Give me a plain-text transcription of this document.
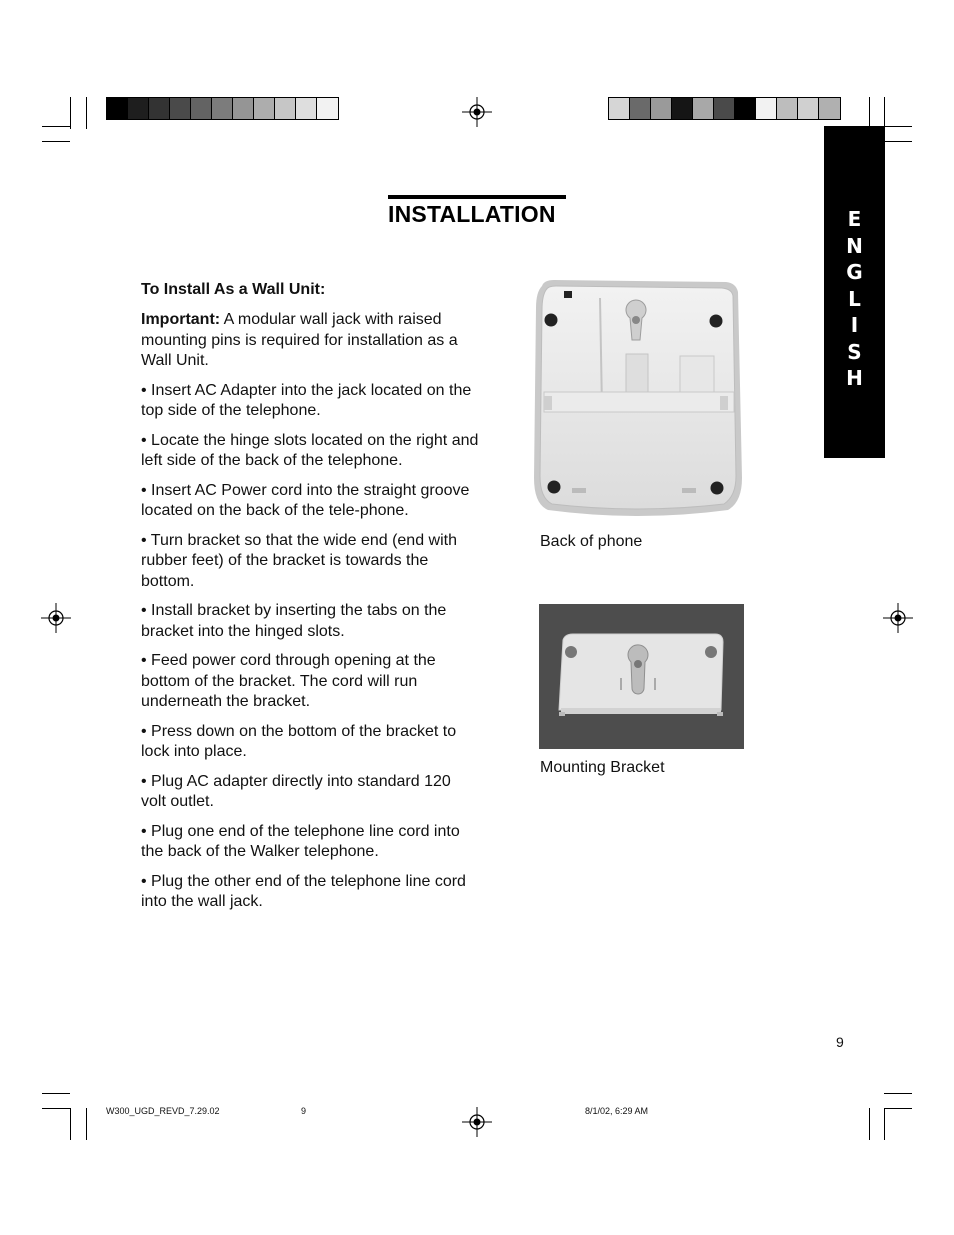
E
N
G
L
I
S
H
INSTALLATION

To Install As a Wall Unit:

Important: A modular wall jack with raised mounting pins is required for installation as a Wall Unit.

• Insert AC Adapter into the jack located on the top side of the telephone.

• Locate the hinge slots located on the right and left side of the back of the telephone.

• Insert AC Power cord into the straight groove located on the back of the tele-phone.

• Turn bracket so that the wide end (end with rubber feet) of the bracket is towards the bottom.

• Install bracket by inserting the tabs on the bracket into the hinged slots.

• Feed power cord through opening at the bottom of the bracket. The cord will run underneath the bracket.

• Press down on the bottom of the bracket to lock into place.

• Plug AC adapter directly into standard 120 volt outlet.

• Plug one end of the telephone line cord into the back of the Walker telephone.

• Plug the other end of the telephone line cord into the wall jack.

Back of phone
Mounting Bracket
9
W300_UGD_REVD_7.29.02	9	8/1/02, 6:29 AM
